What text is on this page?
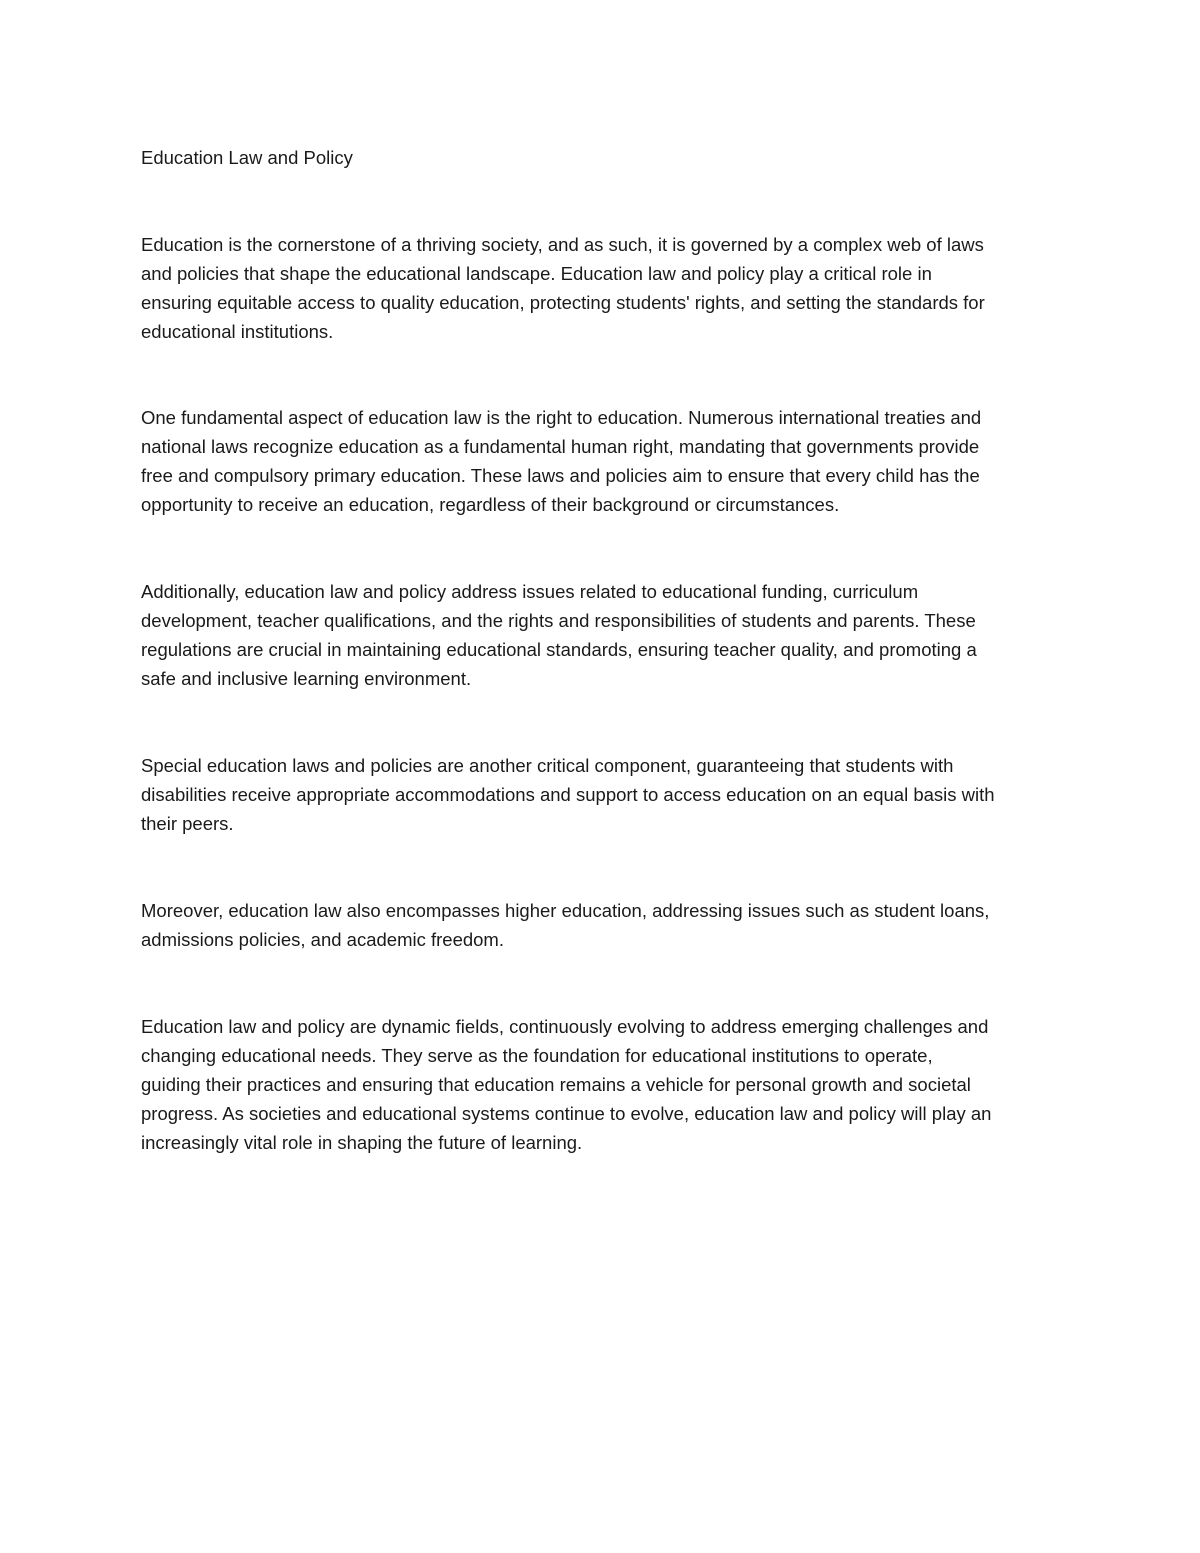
Education Law and Policy

Education is the cornerstone of a thriving society, and as such, it is governed by a complex web of laws
and policies that shape the educational landscape. Education law and policy play a critical role in
ensuring equitable access to quality education, protecting students' rights, and setting the standards for
educational institutions.

One fundamental aspect of education law is the right to education. Numerous international treaties and
national laws recognize education as a fundamental human right, mandating that governments provide
free and compulsory primary education. These laws and policies aim to ensure that every child has the
opportunity to receive an education, regardless of their background or circumstances.

Additionally, education law and policy address issues related to educational funding, curriculum
development, teacher qualifications, and the rights and responsibilities of students and parents. These
regulations are crucial in maintaining educational standards, ensuring teacher quality, and promoting a
safe and inclusive learning environment.

Special education laws and policies are another critical component, guaranteeing that students with
disabilities receive appropriate accommodations and support to access education on an equal basis with
their peers.

Moreover, education law also encompasses higher education, addressing issues such as student loans,
admissions policies, and academic freedom.

Education law and policy are dynamic fields, continuously evolving to address emerging challenges and
changing educational needs. They serve as the foundation for educational institutions to operate,
guiding their practices and ensuring that education remains a vehicle for personal growth and societal
progress. As societies and educational systems continue to evolve, education law and policy will play an
increasingly vital role in shaping the future of learning.
